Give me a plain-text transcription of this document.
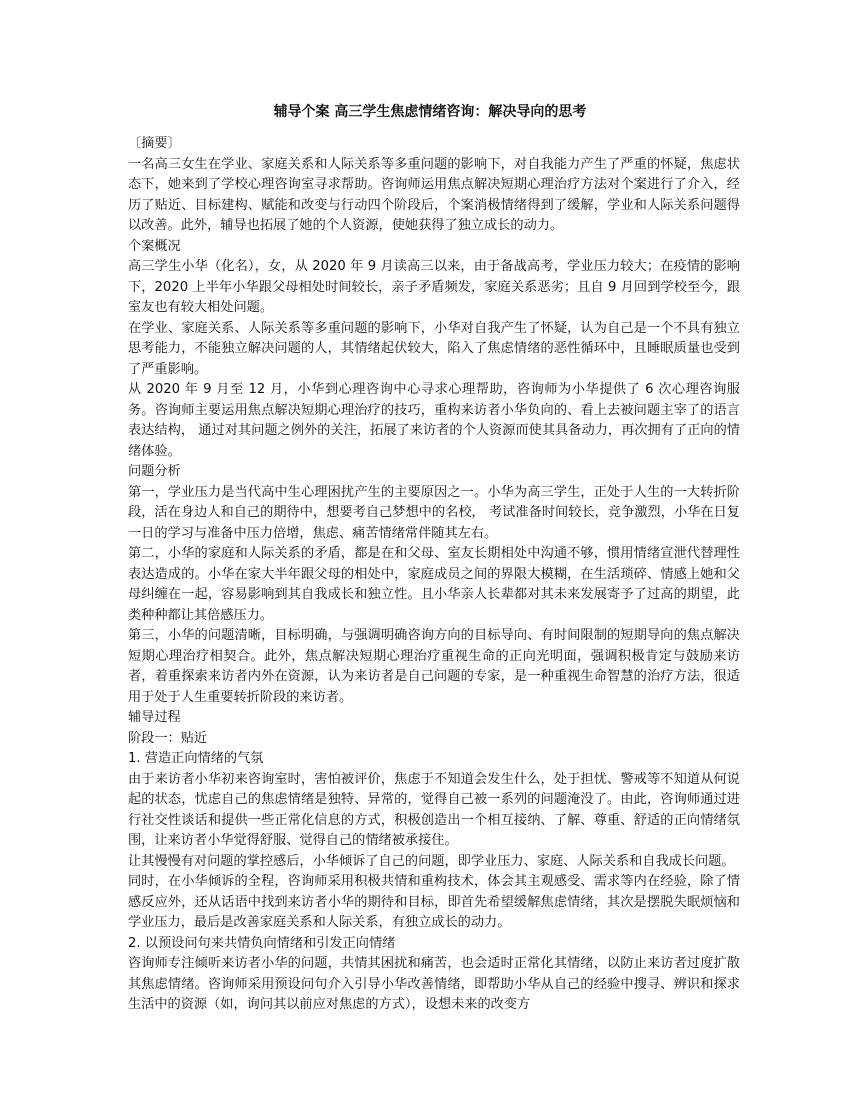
辅导个案 高三学生焦虑情绪咨询：解决导向的思考

〔摘要〕

一名高三女生在学业、家庭关系和人际关系等多重问题的影响下，对自我能力产生了严重的怀疑，焦虑状态下，她来到了学校心理咨询室寻求帮助。咨询师运用焦点解决短期心理治疗方法对个案进行了介入，经历了贴近、目标建构、赋能和改变与行动四个阶段后，个案消极情绪得到了缓解，学业和人际关系问题得以改善。此外，辅导也拓展了她的个人资源，使她获得了独立成长的动力。

个案概况

高三学生小华（化名），女，从 2020 年 9 月读高三以来，由于备战高考，学业压力较大；在疫情的影响下，2020 上半年小华跟父母相处时间较长，亲子矛盾频发，家庭关系恶劣；且自 9 月回到学校至今，跟室友也有较大相处问题。

在学业、家庭关系、人际关系等多重问题的影响下，小华对自我产生了怀疑，认为自己是一个不具有独立思考能力，不能独立解决问题的人，其情绪起伏较大，陷入了焦虑情绪的恶性循环中，且睡眠质量也受到了严重影响。

从 2020 年 9 月至 12 月，小华到心理咨询中心寻求心理帮助，咨询师为小华提供了 6 次心理咨询服务。咨询师主要运用焦点解决短期心理治疗的技巧，重构来访者小华负向的、看上去被问题主宰了的语言表达结构， 通过对其问题之例外的关注，拓展了来访者的个人资源而使其具备动力，再次拥有了正向的情绪体验。

问题分析

第一，学业压力是当代高中生心理困扰产生的主要原因之一。小华为高三学生，正处于人生的一大转折阶段，活在身边人和自己的期待中，想要考自己梦想中的名校， 考试准备时间较长，竞争激烈，小华在日复一日的学习与准备中压力倍增，焦虑、痛苦情绪常伴随其左右。

第二，小华的家庭和人际关系的矛盾，都是在和父母、室友长期相处中沟通不够，惯用情绪宣泄代替理性表达造成的。小华在家大半年跟父母的相处中，家庭成员之间的界限大模糊，在生活琐碎、情感上她和父母纠缠在一起，容易影响到其自我成长和独立性。且小华亲人长辈都对其未来发展寄予了过高的期望，此类种种都让其倍感压力。

第三，小华的问题清晰，目标明确，与强调明确咨询方向的目标导向、有时间限制的短期导向的焦点解决短期心理治疗相契合。此外，焦点解决短期心理治疗重视生命的正向光明面，强调积极肯定与鼓励来访者，着重探索来访者内外在资源，认为来访者是自己问题的专家，是一种重视生命智慧的治疗方法，很适用于处于人生重要转折阶段的来访者。

辅导过程

阶段一：贴近

1. 营造正向情绪的气氛

由于来访者小华初来咨询室时，害怕被评价，焦虑于不知道会发生什么，处于担忧、警戒等不知道从何说起的状态，忧虑自己的焦虑情绪是独特、异常的，觉得自己被一系列的问题淹没了。由此，咨询师通过进行社交性谈话和提供一些正常化信息的方式，积极创造出一个相互接纳、了解、尊重、舒适的正向情绪氛围，让来访者小华觉得舒服、觉得自己的情绪被承接住。

让其慢慢有对问题的掌控感后，小华倾诉了自己的问题，即学业压力、家庭、人际关系和自我成长问题。

同时，在小华倾诉的全程，咨询师采用积极共情和重构技术，体会其主观感受、需求等内在经验，除了情感反应外，还从话语中找到来访者小华的期待和目标，即首先希望缓解焦虑情绪，其次是摆脱失眠烦恼和学业压力，最后是改善家庭关系和人际关系，有独立成长的动力。

2. 以预设问句来共情负向情绪和引发正向情绪

咨询师专注倾听来访者小华的问题，共情其困扰和痛苦，也会适时正常化其情绪，以防止来访者过度扩散其焦虑情绪。咨询师采用预设问句介入引导小华改善情绪，即帮助小华从自己的经验中搜寻、辨识和探求生活中的资源（如，询问其以前应对焦虑的方式），设想未来的改变方
